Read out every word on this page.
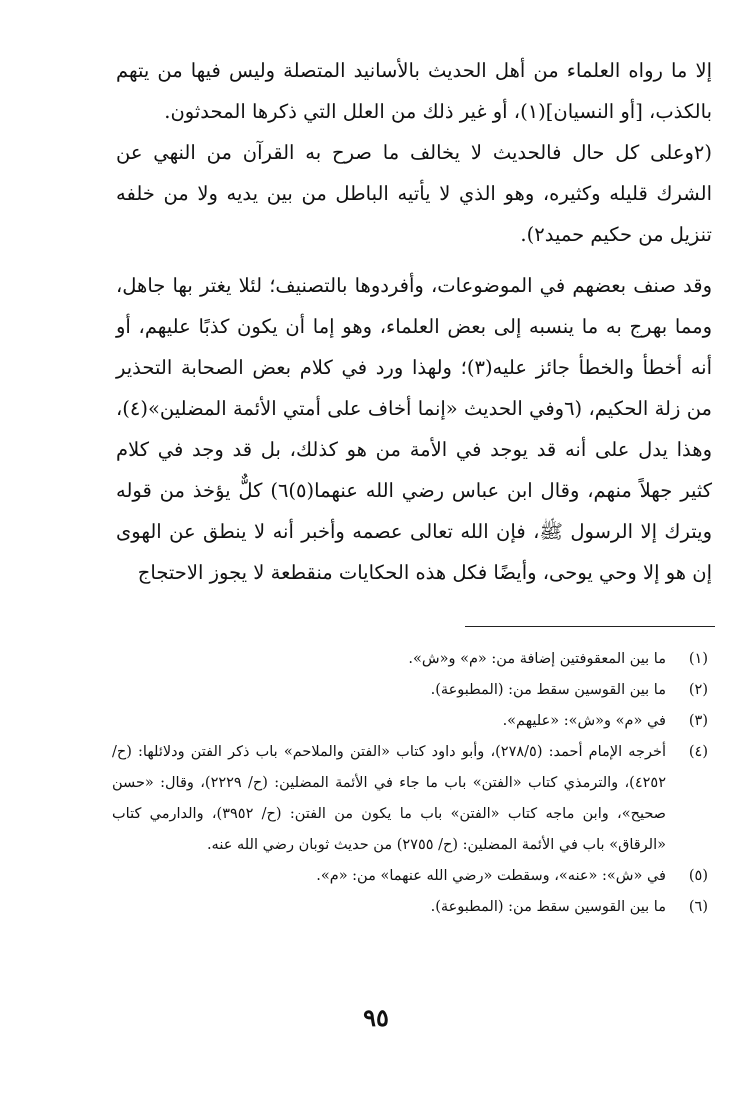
إلا ما رواه العلماء من أهل الحديث بالأسانيد المتصلة وليس فيها من يتهم بالكذب، [أو النسيان](١)، أو غير ذلك من العلل التي ذكرها المحدثون.

(٢وعلى كل حال فالحديث لا يخالف ما صرح به القرآن من النهي عن الشرك قليله وكثيره، وهو الذي لا يأتيه الباطل من بين يديه ولا من خلفه تنزيل من حكيم حميد٢).

وقد صنف بعضهم في الموضوعات، وأفردوها بالتصنيف؛ لئلا يغتر بها جاهل، ومما بهرج به ما ينسبه إلى بعض العلماء، وهو إما أن يكون كذبًا عليهم، أو أنه أخطأ والخطأ جائز عليه(٣)؛ ولهذا ورد في كلام بعض الصحابة التحذير من زلة الحكيم، (٦وفي الحديث «إنما أخاف على أمتي الأئمة المضلين»(٤)، وهذا يدل على أنه قد يوجد في الأمة من هو كذلك، بل قد وجد في كلام كثير جهلاً منهم، وقال ابن عباس رضي الله عنهما(٥)٦) كلٌّ يؤخذ من قوله ويترك إلا الرسول ﷺ، فإن الله تعالى عصمه وأخبر أنه لا ينطق عن الهوى إن هو إلا وحي يوحى، وأيضًا فكل هذه الحكايات منقطعة لا يجوز الاحتجاج

(١)
ما بين المعقوفتين إضافة من: «م» و«ش».
(٢)
ما بين القوسين سقط من: (المطبوعة).
(٣)
في «م» و«ش»: «عليهم».
(٤)
أخرجه الإمام أحمد: (٢٧٨/٥)، وأبو داود كتاب «الفتن والملاحم» باب ذكر الفتن ودلائلها: (ح/ ٤٢٥٢)، والترمذي كتاب «الفتن» باب ما جاء في الأئمة المضلين: (ح/ ٢٢٢٩)، وقال: «حسن صحيح»، وابن ماجه كتاب «الفتن» باب ما يكون من الفتن: (ح/ ٣٩٥٢)، والدارمي كتاب «الرقاق» باب في الأئمة المضلين: (ح/ ٢٧٥٥) من حديث ثوبان رضي الله عنه.
(٥)
في «ش»: «عنه»، وسقطت «رضي الله عنهما» من: «م».
(٦)
ما بين القوسين سقط من: (المطبوعة).
٩٥
